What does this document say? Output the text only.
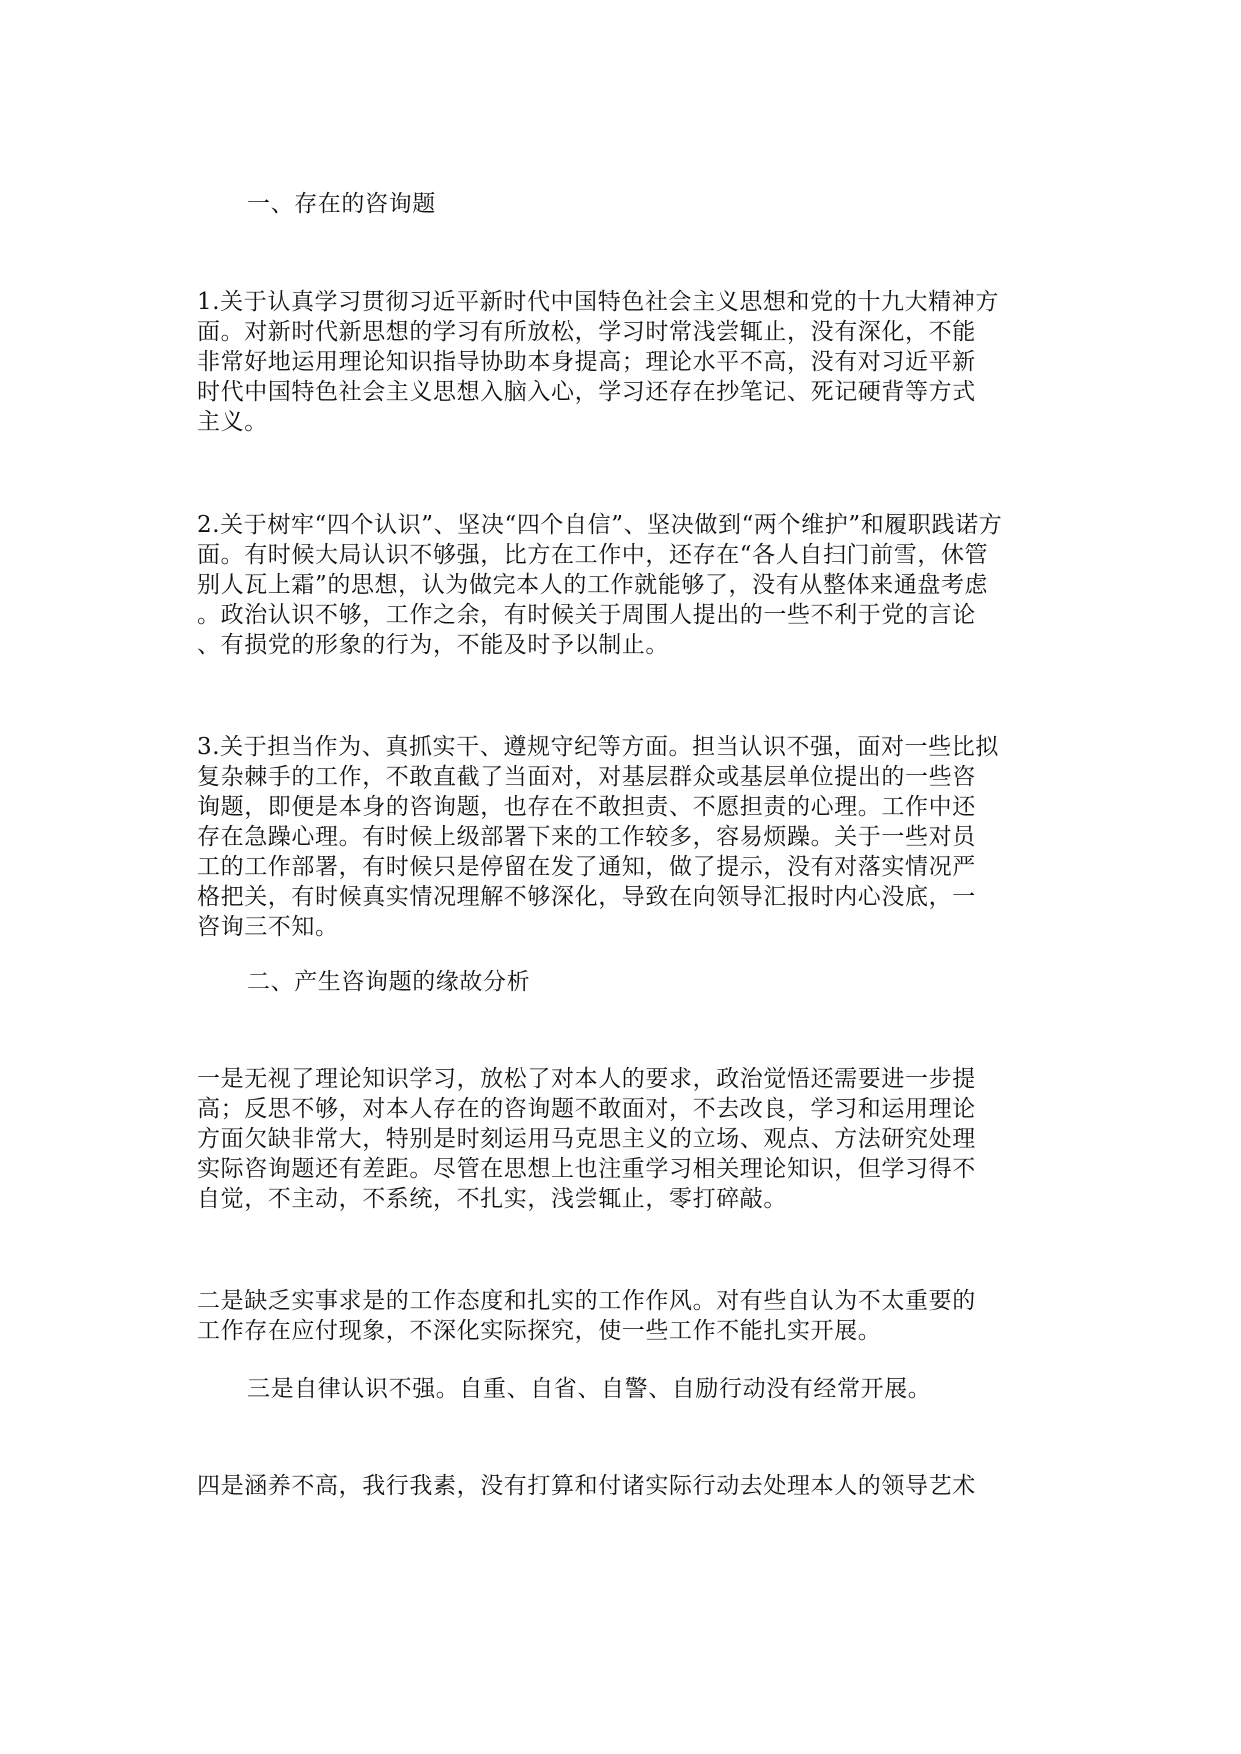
一、存在的咨询题
1.关于认真学习贯彻习近平新时代中国特色社会主义思想和党的十九大精神方
面。对新时代新思想的学习有所放松，学习时常浅尝辄止，没有深化，不能
非常好地运用理论知识指导协助本身提高；理论水平不高，没有对习近平新
时代中国特色社会主义思想入脑入心，学习还存在抄笔记、死记硬背等方式
主义。
2.关于树牢“四个认识”、坚决“四个自信”、坚决做到“两个维护”和履职践诺方
面。有时候大局认识不够强，比方在工作中，还存在“各人自扫门前雪，休管
别人瓦上霜”的思想，认为做完本人的工作就能够了，没有从整体来通盘考虑
。政治认识不够，工作之余，有时候关于周围人提出的一些不利于党的言论
、有损党的形象的行为，不能及时予以制止。
3.关于担当作为、真抓实干、遵规守纪等方面。担当认识不强，面对一些比拟
复杂棘手的工作，不敢直截了当面对，对基层群众或基层单位提出的一些咨
询题，即便是本身的咨询题，也存在不敢担责、不愿担责的心理。工作中还
存在急躁心理。有时候上级部署下来的工作较多，容易烦躁。关于一些对员
工的工作部署，有时候只是停留在发了通知，做了提示，没有对落实情况严
格把关，有时候真实情况理解不够深化，导致在向领导汇报时内心没底，一
咨询三不知。
二、产生咨询题的缘故分析
一是无视了理论知识学习，放松了对本人的要求，政治觉悟还需要进一步提
高；反思不够，对本人存在的咨询题不敢面对，不去改良，学习和运用理论
方面欠缺非常大，特别是时刻运用马克思主义的立场、观点、方法研究处理
实际咨询题还有差距。尽管在思想上也注重学习相关理论知识，但学习得不
自觉，不主动，不系统，不扎实，浅尝辄止，零打碎敲。
二是缺乏实事求是的工作态度和扎实的工作作风。对有些自认为不太重要的
工作存在应付现象，不深化实际探究，使一些工作不能扎实开展。
三是自律认识不强。自重、自省、自警、自励行动没有经常开展。
四是涵养不高，我行我素，没有打算和付诸实际行动去处理本人的领导艺术
